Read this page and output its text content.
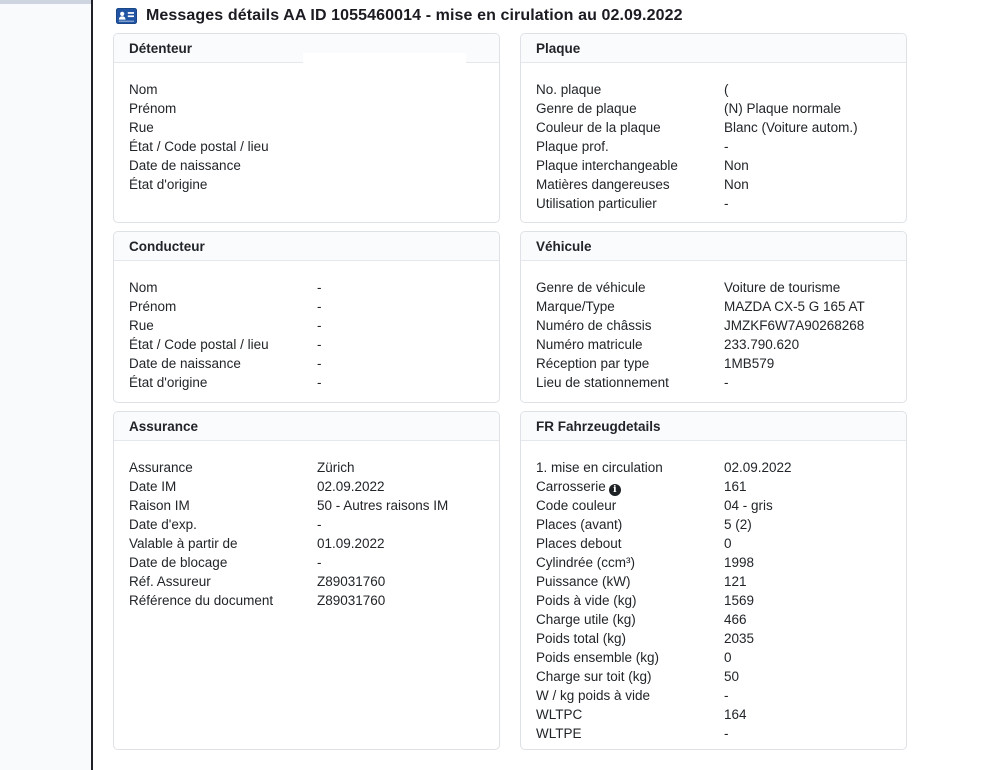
Messages détails AA ID 1055460014 - mise en cirulation au 02.09.2022
Détenteur
Nom
Prénom
Rue
État / Code postal / lieu
Date de naissance
État d'origine
Plaque
No. plaque	(
Genre de plaque	(N) Plaque normale
Couleur de la plaque	Blanc (Voiture autom.)
Plaque prof.	-
Plaque interchangeable	Non
Matières dangereuses	Non
Utilisation particulier	-
Conducteur
Nom	-
Prénom	-
Rue	-
État / Code postal / lieu	-
Date de naissance	-
État d'origine	-
Véhicule
Genre de véhicule	Voiture de tourisme
Marque/Type	MAZDA CX-5 G 165 AT
Numéro de châssis	JMZKF6W7A90268268
Numéro matricule	233.790.620
Réception par type	1MB579
Lieu de stationnement	-
Assurance
Assurance	Zürich
Date IM	02.09.2022
Raison IM	50 - Autres raisons IM
Date d'exp.	-
Valable à partir de	01.09.2022
Date de blocage	-
Réf. Assureur	Z89031760
Référence du document	Z89031760
FR Fahrzeugdetails
1. mise en circulation	02.09.2022
Carrosserie i	161
Code couleur	04 - gris
Places (avant)	5 (2)
Places debout	0
Cylindrée (ccm³)	1998
Puissance (kW)	121
Poids à vide (kg)	1569
Charge utile (kg)	466
Poids total (kg)	2035
Poids ensemble (kg)	0
Charge sur toit (kg)	50
W / kg poids à vide	-
WLTPC	164
WLTPE	-
